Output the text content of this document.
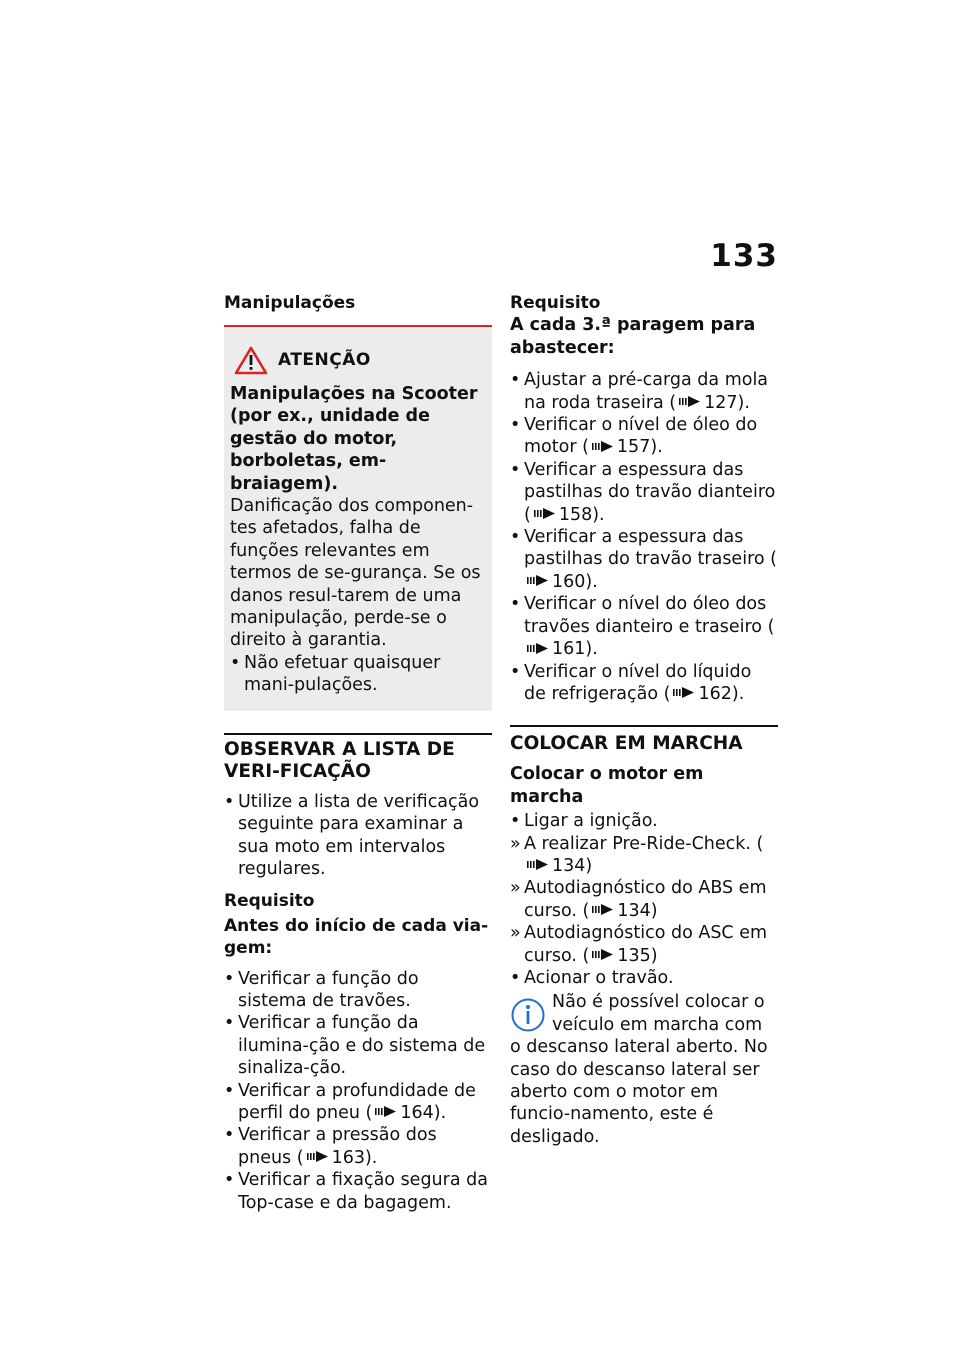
133
Manipulações
ATENÇÃO
Manipulações na Scooter (por ex., unidade de gestão do motor, borboletas, em-braiagem).
Danificação dos componen-tes afetados, falha de funções relevantes em termos de se-gurança. Se os danos resul-tarem de uma manipulação, perde-se o direito à garantia.
• Não efetuar quaisquer mani-pulações.
OBSERVAR A LISTA DE VERI-FICAÇÃO
• Utilize a lista de verificação seguinte para examinar a sua moto em intervalos regulares.
Requisito
Antes do início de cada via-gem:
• Verificar a função do sistema de travões.
• Verificar a função da ilumina-ção e do sistema de sinaliza-ção.
• Verificar a profundidade de perfil do pneu ( 164).
• Verificar a pressão dos pneus ( 163).
• Verificar a fixação segura da Top-case e da bagagem.
Requisito
A cada 3.ª paragem para abastecer:
• Ajustar a pré-carga da mola na roda traseira ( 127).
• Verificar o nível de óleo do motor ( 157).
• Verificar a espessura das pastilhas do travão dianteiro ( 158).
• Verificar a espessura das pastilhas do travão traseiro (160).
• Verificar o nível do óleo dos travões dianteiro e traseiro (161).
• Verificar o nível do líquido de refrigeração ( 162).
COLOCAR EM MARCHA
Colocar o motor em marcha
• Ligar a ignição.
» A realizar Pre-Ride-Check. (134)
» Autodiagnóstico do ABS em curso. ( 134)
» Autodiagnóstico do ASC em curso. ( 135)
• Acionar o travão.
Não é possível colocar o veículo em marcha com o descanso lateral aberto. No caso do descanso lateral ser aberto com o motor em funcio-namento, este é desligado.
